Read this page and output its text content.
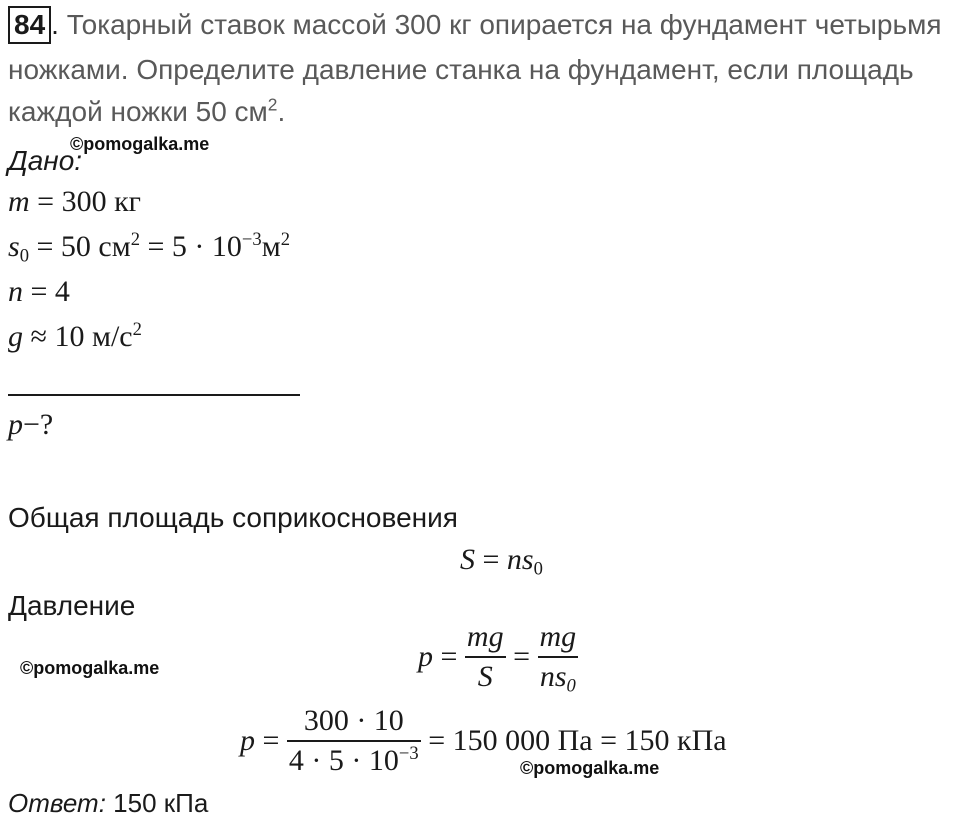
84 . Токарный ставок массой 300 кг опирается на фундамент четырьмя
ножками. Определите давление станка на фундамент, если площадь
каждой ножки 50 $см^2$.
©pomogalka.me
©pomogalka.me
©pomogalka.me
Дано:
m = 300 кг
$s_0 = 50$ $см^2 = 5 \cdot 10^{-3}м^2$
n = 4
g ≈ 10 $м/с^2$
p−?
Общая площадь соприкосновения
$S = ns_0$
Давление
$p = \frac{mg}{S} = \frac{mg}{ns_0}$
$p = \frac{300 \cdot 10}{4 \cdot 5 \cdot 10^{-3}} = 150$ 000 Па = 150 кПа
Ответ: 150 кПа
